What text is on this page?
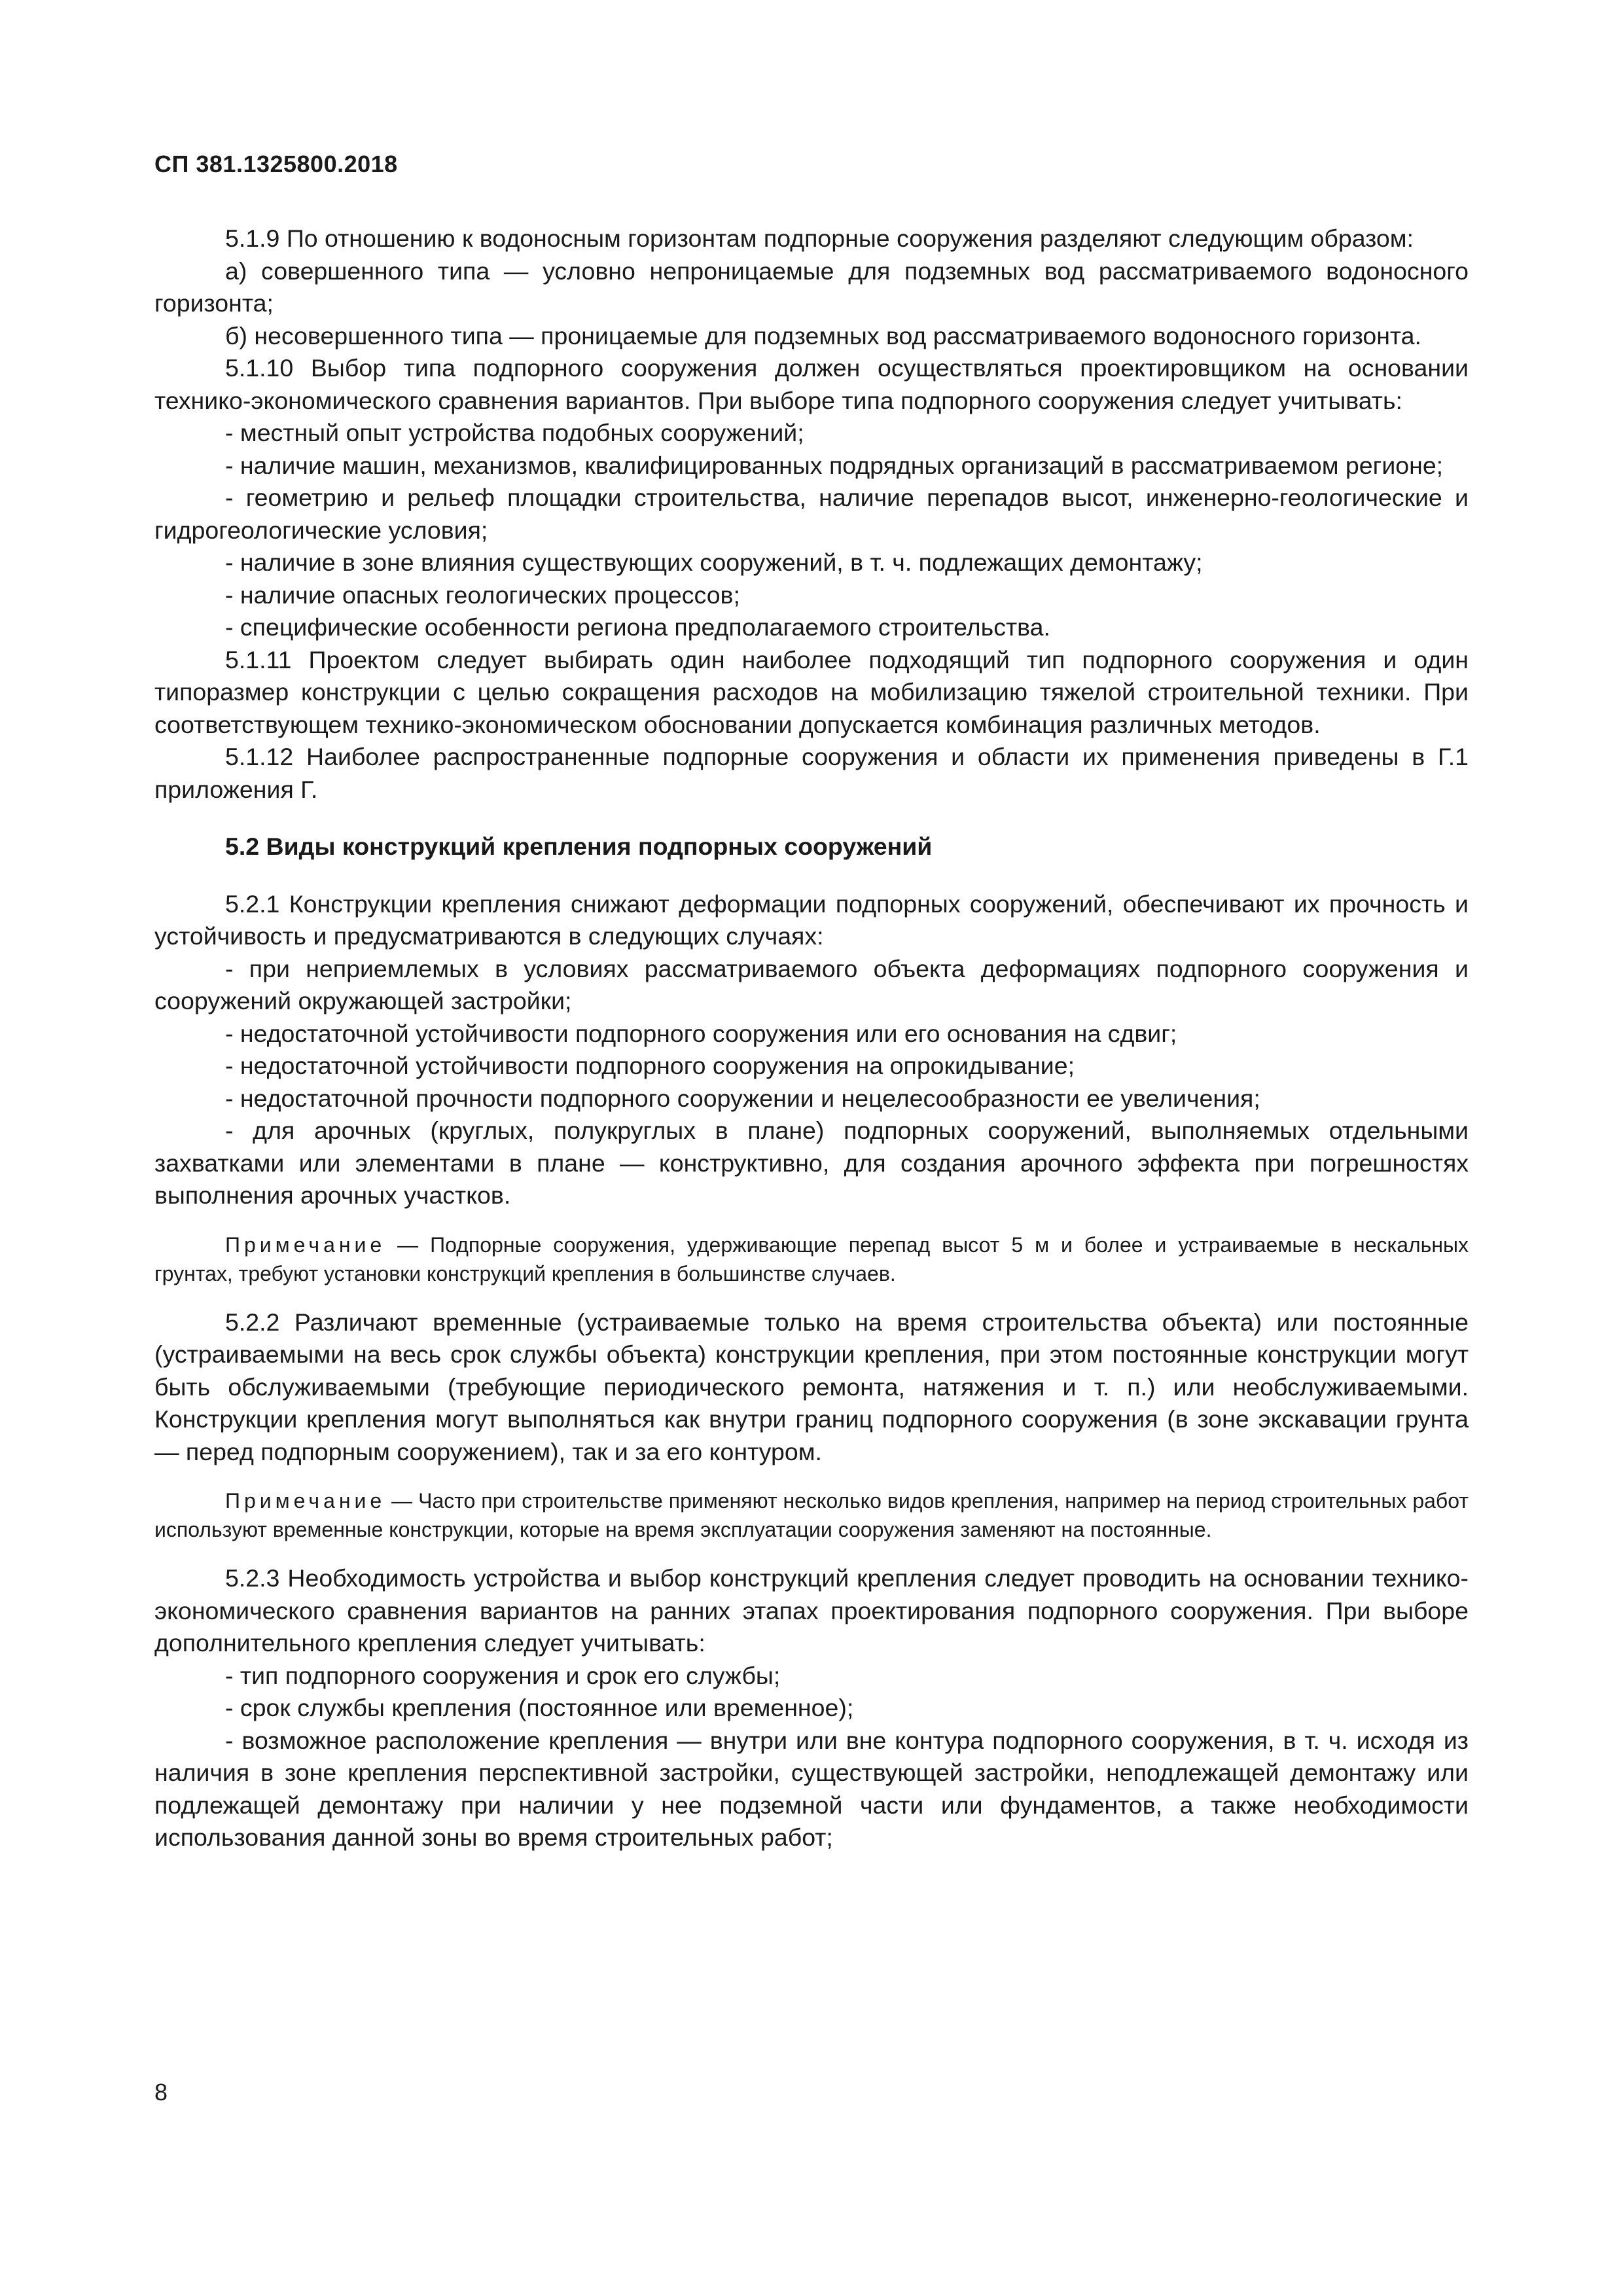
СП 381.1325800.2018

5.1.9 По отношению к водоносным горизонтам подпорные сооружения разделяют следующим образом:

а) совершенного типа — условно непроницаемые для подземных вод рассматриваемого водоносного горизонта;

б) несовершенного типа — проницаемые для подземных вод рассматриваемого водоносного горизонта.

5.1.10 Выбор типа подпорного сооружения должен осуществляться проектировщиком на основании технико-экономического сравнения вариантов. При выборе типа подпорного сооружения следует учитывать:

- местный опыт устройства подобных сооружений;

- наличие машин, механизмов, квалифицированных подрядных организаций в рассматриваемом регионе;

- геометрию и рельеф площадки строительства, наличие перепадов высот, инженерно-геологические и гидрогеологические условия;

- наличие в зоне влияния существующих сооружений, в т. ч. подлежащих демонтажу;

- наличие опасных геологических процессов;

- специфические особенности региона предполагаемого строительства.

5.1.11 Проектом следует выбирать один наиболее подходящий тип подпорного сооружения и один типоразмер конструкции с целью сокращения расходов на мобилизацию тяжелой строительной техники. При соответствующем технико-экономическом обосновании допускается комбинация различных методов.

5.1.12 Наиболее распространенные подпорные сооружения и области их применения приведены в Г.1 приложения Г.

5.2 Виды конструкций крепления подпорных сооружений

5.2.1 Конструкции крепления снижают деформации подпорных сооружений, обеспечивают их прочность и устойчивость и предусматриваются в следующих случаях:

- при неприемлемых в условиях рассматриваемого объекта деформациях подпорного сооружения и сооружений окружающей застройки;

- недостаточной устойчивости подпорного сооружения или его основания на сдвиг;

- недостаточной устойчивости подпорного сооружения на опрокидывание;

- недостаточной прочности подпорного сооружении и нецелесообразности ее увеличения;

- для арочных (круглых, полукруглых в плане) подпорных сооружений, выполняемых отдельными захватками или элементами в плане — конструктивно, для создания арочного эффекта при погрешностях выполнения арочных участков.

Примечание — Подпорные сооружения, удерживающие перепад высот 5 м и более и устраиваемые в нескальных грунтах, требуют установки конструкций крепления в большинстве случаев.

5.2.2 Различают временные (устраиваемые только на время строительства объекта) или постоянные (устраиваемыми на весь срок службы объекта) конструкции крепления, при этом постоянные конструкции могут быть обслуживаемыми (требующие периодического ремонта, натяжения и т. п.) или необслуживаемыми. Конструкции крепления могут выполняться как внутри границ подпорного сооружения (в зоне экскавации грунта — перед подпорным сооружением), так и за его контуром.

Примечание — Часто при строительстве применяют несколько видов крепления, например на период строительных работ используют временные конструкции, которые на время эксплуатации сооружения заменяют на постоянные.

5.2.3 Необходимость устройства и выбор конструкций крепления следует проводить на основании технико-экономического сравнения вариантов на ранних этапах проектирования подпорного сооружения. При выборе дополнительного крепления следует учитывать:

- тип подпорного сооружения и срок его службы;

- срок службы крепления (постоянное или временное);

- возможное расположение крепления — внутри или вне контура подпорного сооружения, в т. ч. исходя из наличия в зоне крепления перспективной застройки, существующей застройки, неподлежащей демонтажу или подлежащей демонтажу при наличии у нее подземной части или фундаментов, а также необходимости использования данной зоны во время строительных работ;

8
